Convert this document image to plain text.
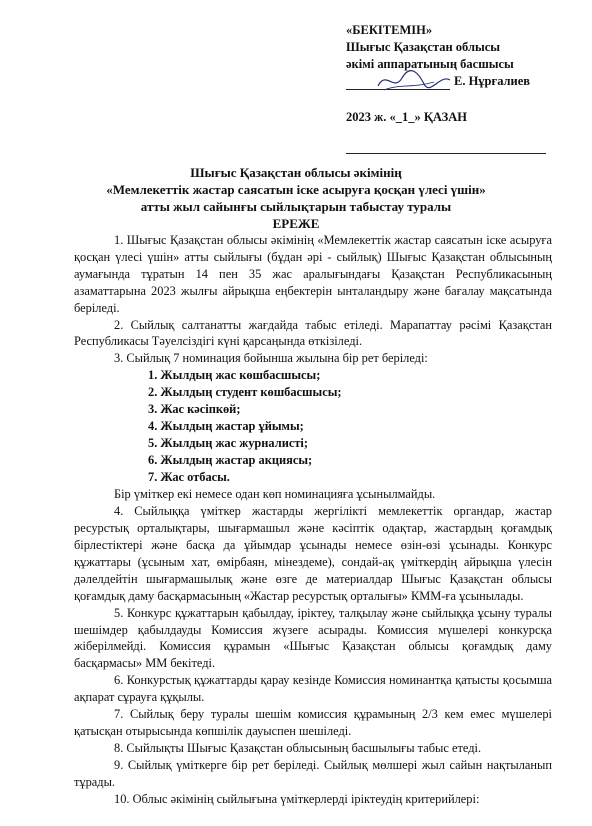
«БЕКІТЕМІН»
Шығыс Қазақстан облысы
әкімі аппаратының басшысы
Е. Нұрғалиев
2023 ж. «_1_» ҚАЗАН
Шығыс Қазақстан облысы әкімінің
«Мемлекеттік жастар саясатын іске асыруға қосқан үлесі үшін»
атты жыл сайынғы сыйлықтарын табыстау туралы
ЕРЕЖЕ

1. Шығыс Қазақстан облысы әкімінің «Мемлекеттік жастар саясатын іске асыруға қосқан үлесі үшін» атты сыйлығы (бұдан әрі - сыйлық) Шығыс Қазақстан облысының аумағында тұратын 14 пен 35 жас аралығындағы Қазақстан Республикасының азаматтарына 2023 жылғы айрықша еңбектерін ынталандыру және бағалау мақсатында беріледі.

2. Сыйлық салтанатты жағдайда табыс етіледі. Марапаттау рәсімі Қазақстан Республикасы Тәуелсіздігі күні қарсаңында өткізіледі.

3. Сыйлық 7 номинация бойынша жылына бір рет беріледі:

1. Жылдың жас көшбасшысы;
2. Жылдың студент көшбасшысы;
3. Жас кәсіпкөй;
4. Жылдың жастар ұйымы;
5. Жылдың жас журналисті;
6. Жылдың жастар акциясы;
7. Жас отбасы.

Бір үміткер екі немесе одан көп номинацияға ұсынылмайды.

4. Сыйлыққа үміткер жастарды жергілікті мемлекеттік органдар, жастар ресурстық орталықтары, шығармашыл және кәсіптік одақтар, жастардың қоғамдық бірлестіктері және басқа да ұйымдар ұсынады немесе өзін-өзі ұсынады. Конкурс құжаттары (ұсыным хат, өмірбаян, мінездеме), сондай-ақ үміткердің айрықша үлесін дәлелдейтін шығармашылық және өзге де материалдар Шығыс Қазақстан облысы қоғамдық даму басқармасының «Жастар ресурстық орталығы» КММ-ға ұсынылады.

5. Конкурс құжаттарын қабылдау, іріктеу, талқылау және сыйлыққа ұсыну туралы шешімдер қабылдауды Комиссия жүзеге асырады. Комиссия мүшелері конкурсқа жіберілмейді. Комиссия құрамын «Шығыс Қазақстан облысы қоғамдық даму басқармасы» ММ бекітеді.

6. Конкурстық құжаттарды қарау кезінде Комиссия номинантқа қатысты қосымша ақпарат сұрауға құқылы.

7. Сыйлық беру туралы шешім комиссия құрамының 2/3 кем емес мүшелері қатысқан отырысында көпшілік дауыспен шешіледі.

8. Сыйлықты Шығыс Қазақстан облысының басшылығы табыс етеді.

9. Сыйлық үміткерге бір рет беріледі. Сыйлық мөлшері жыл сайын нақтыланып тұрады.

10. Облыс әкімінің сыйлығына үміткерлерді іріктеудің критерийлері:
